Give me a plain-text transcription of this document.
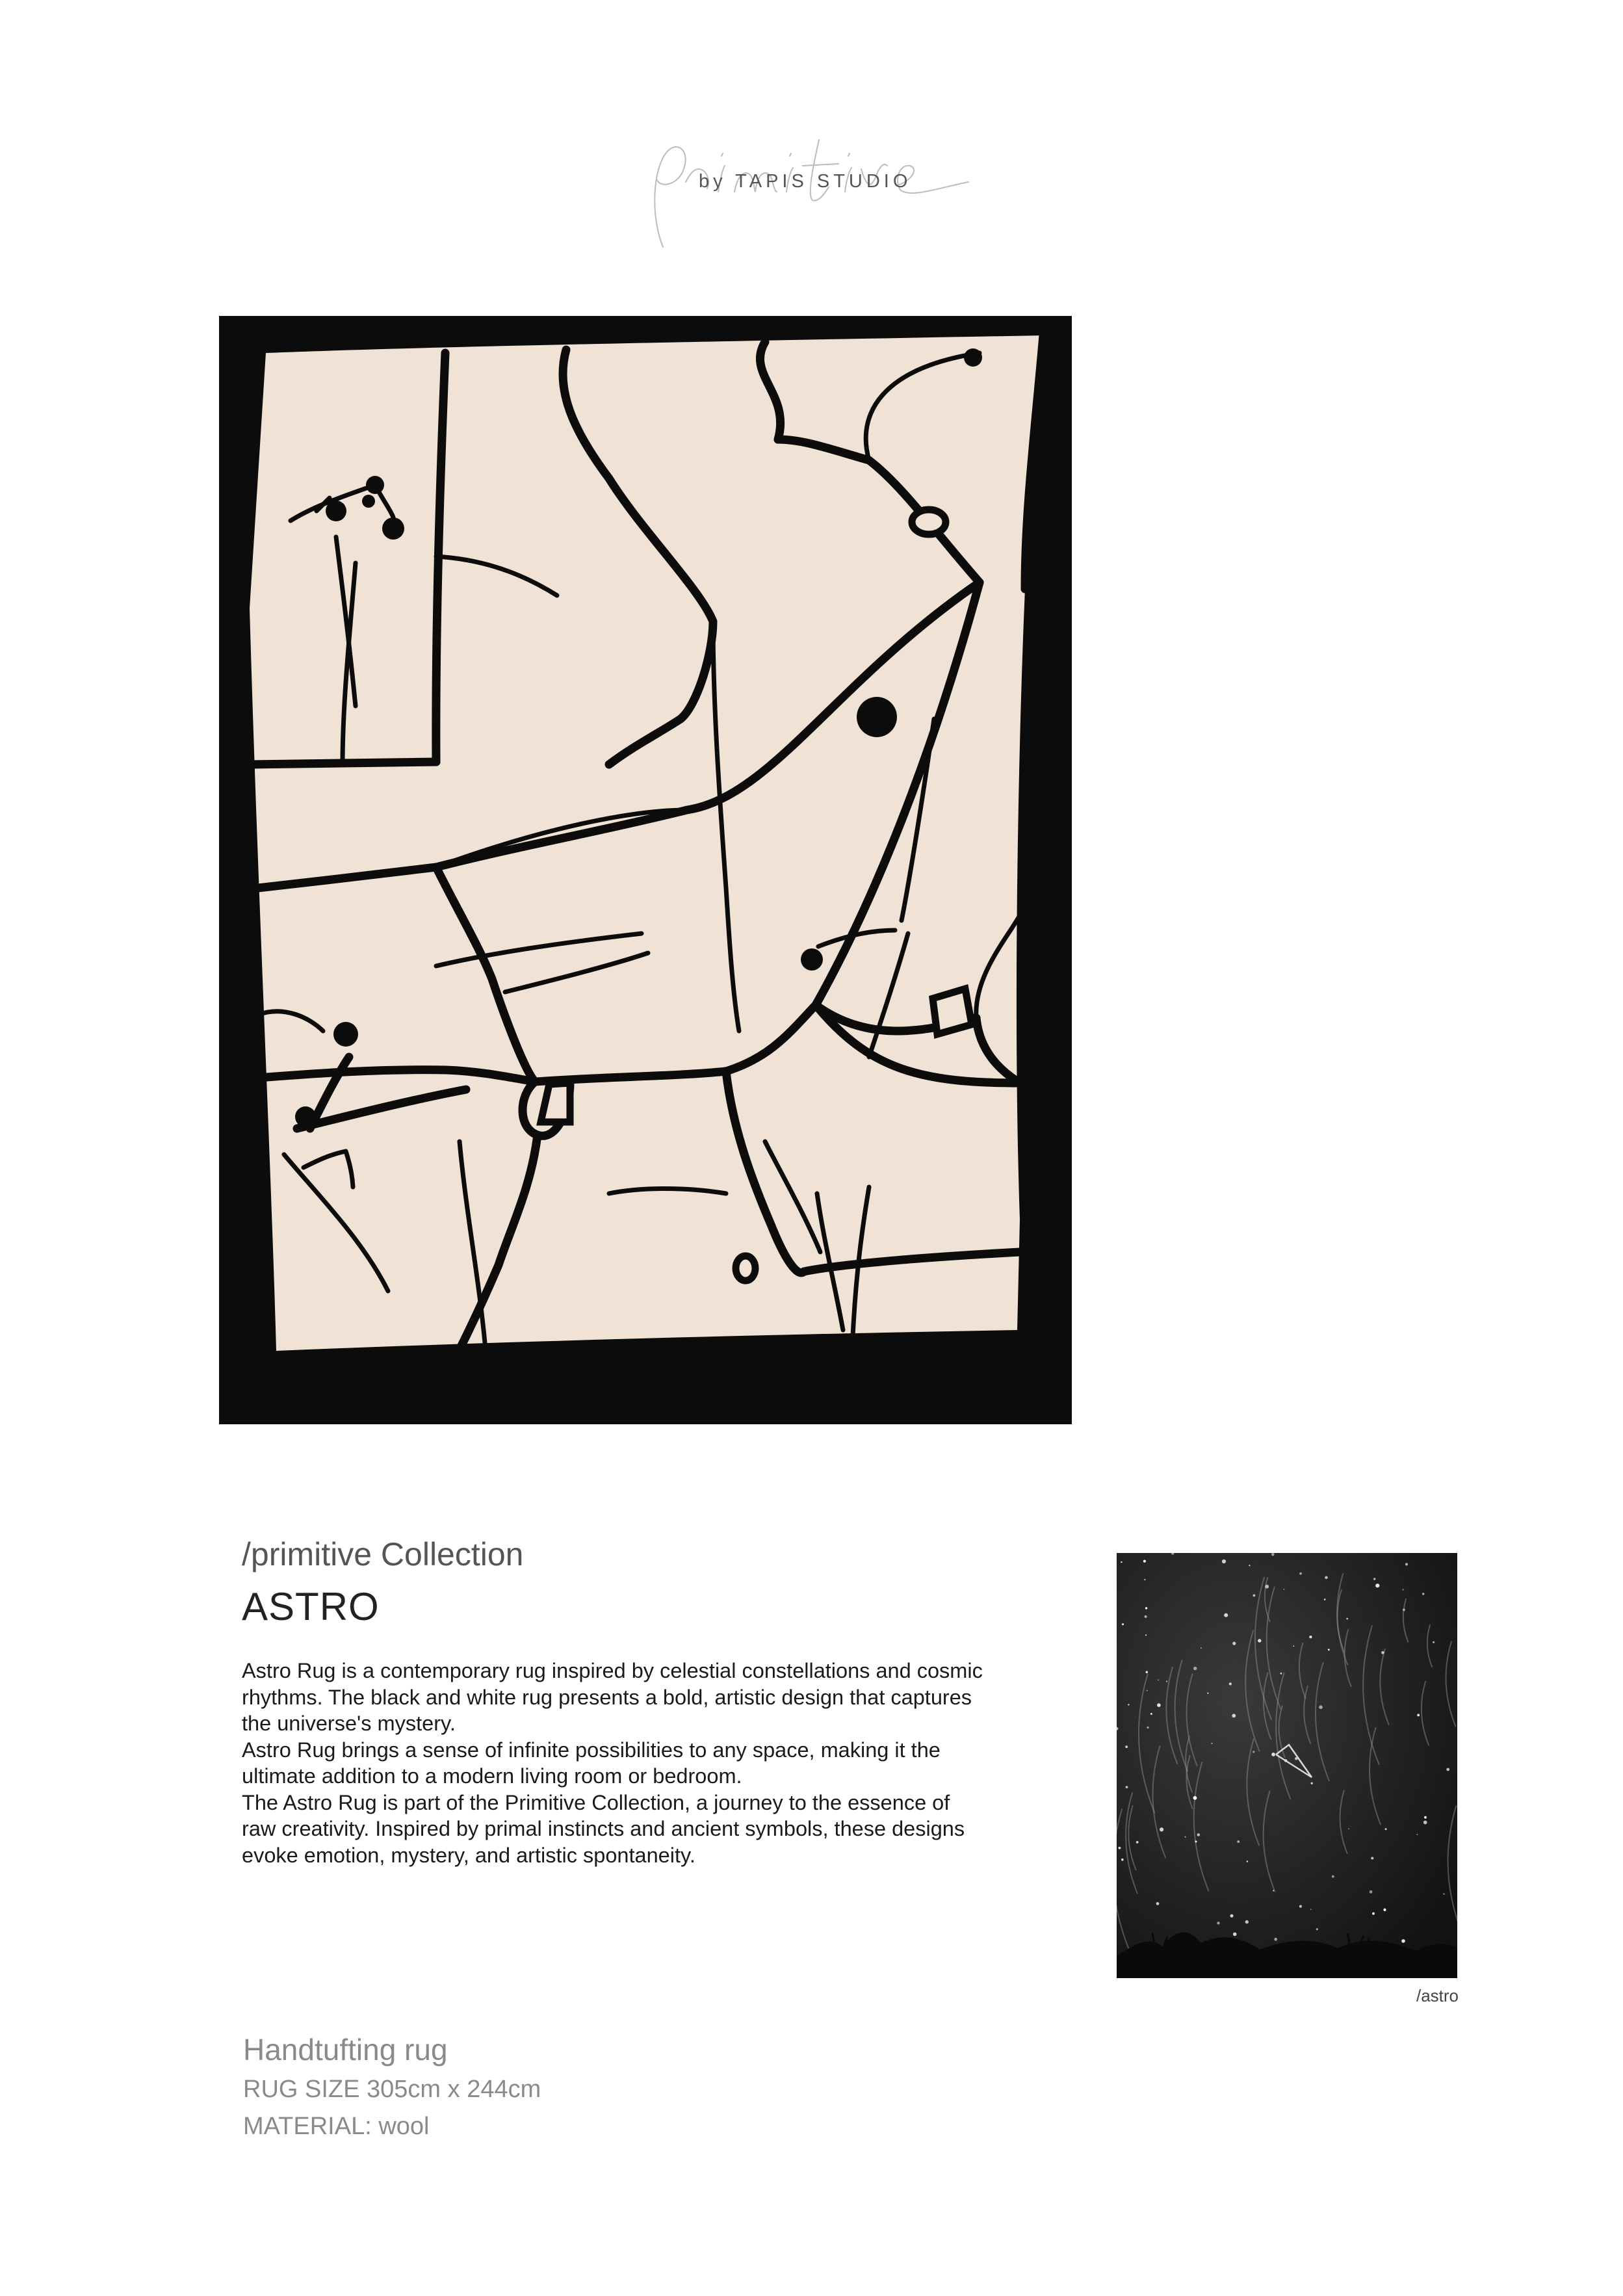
by TAPIS STUDIO
/primitive Collection
ASTRO

Astro Rug is a contemporary rug inspired by celestial constellations and cosmic rhythms. The black and white rug presents a bold, artistic design that captures the universe's mystery.

Astro Rug brings a sense of infinite possibilities to any space, making it the ultimate addition to a modern living room or bedroom.

The Astro Rug is part of the Primitive Collection, a journey to the essence of raw creativity. Inspired by primal instincts and ancient symbols, these designs evoke emotion, mystery, and artistic spontaneity.

/astro
Handtufting rug
RUG SIZE 305cm x 244cm
MATERIAL: wool
